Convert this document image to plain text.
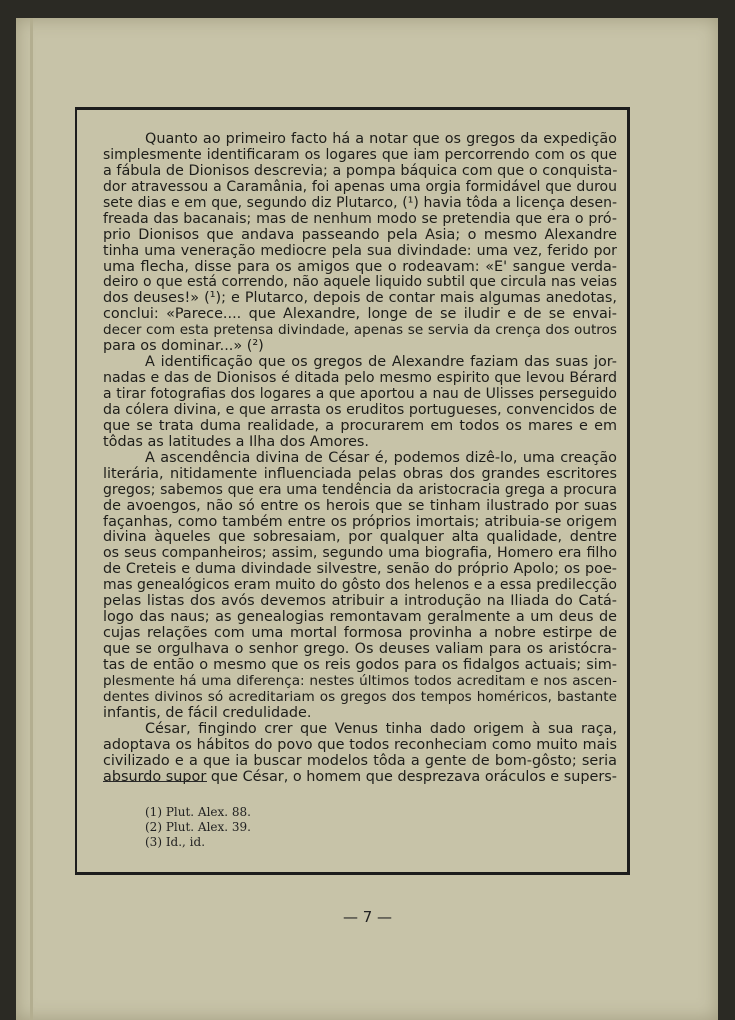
Quanto ao primeiro facto há a notar que os gregos da expedição
simplesmente identificaram os logares que iam percorrendo com os que
a fábula de Dionisos descrevia; a pompa báquica com que o conquista-
dor atravessou a Caramânia, foi apenas uma orgia formidável que durou
sete dias e em que, segundo diz Plutarco, (¹) havia tôda a licença desen-
freada das bacanais; mas de nenhum modo se pretendia que era o pró-
prio Dionisos que andava passeando pela Asia; o mesmo Alexandre
tinha uma veneração mediocre pela sua divindade: uma vez, ferido por
uma flecha, disse para os amigos que o rodeavam: «E' sangue verda-
deiro o que está correndo, não aquele liquido subtil que circula nas veias
dos deuses!» (¹); e Plutarco, depois de contar mais algumas anedotas,
conclui: «Parece.... que Alexandre, longe de se iludir e de se envai-
decer com esta pretensa divindade, apenas se servia da crença dos outros
para os dominar...» (²)
A identificação que os gregos de Alexandre faziam das suas jor-
nadas e das de Dionisos é ditada pelo mesmo espirito que levou Bérard
a tirar fotografias dos logares a que aportou a nau de Ulisses perseguido
da cólera divina, e que arrasta os eruditos portugueses, convencidos de
que se trata duma realidade, a procurarem em todos os mares e em
tôdas as latitudes a Ilha dos Amores.
A ascendência divina de César é, podemos dizê-lo, uma creação
literária, nitidamente influenciada pelas obras dos grandes escritores
gregos; sabemos que era uma tendência da aristocracia grega a procura
de avoengos, não só entre os herois que se tinham ilustrado por suas
façanhas, como também entre os próprios imortais; atribuia-se origem
divina àqueles que sobresaiam, por qualquer alta qualidade, dentre
os seus companheiros; assim, segundo uma biografia, Homero era filho
de Creteis e duma divindade silvestre, senão do próprio Apolo; os poe-
mas genealógicos eram muito do gôsto dos helenos e a essa predilecção
pelas listas dos avós devemos atribuir a introdução na Iliada do Catá-
logo das naus; as genealogias remontavam geralmente a um deus de
cujas relações com uma mortal formosa provinha a nobre estirpe de
que se orgulhava o senhor grego. Os deuses valiam para os aristócra-
tas de então o mesmo que os reis godos para os fidalgos actuais; sim-
plesmente há uma diferença: nestes últimos todos acreditam e nos ascen-
dentes divinos só acreditariam os gregos dos tempos homéricos, bastante
infantis, de fácil credulidade.
César, fingindo crer que Venus tinha dado origem à sua raça,
adoptava os hábitos do povo que todos reconheciam como muito mais
civilizado e a que ia buscar modelos tôda a gente de bom-gôsto; seria
absurdo supor que César, o homem que desprezava oráculos e supers-
(1) Plut. Alex. 88.
(2) Plut. Alex. 39.
(3) Id., id.
— 7 —
